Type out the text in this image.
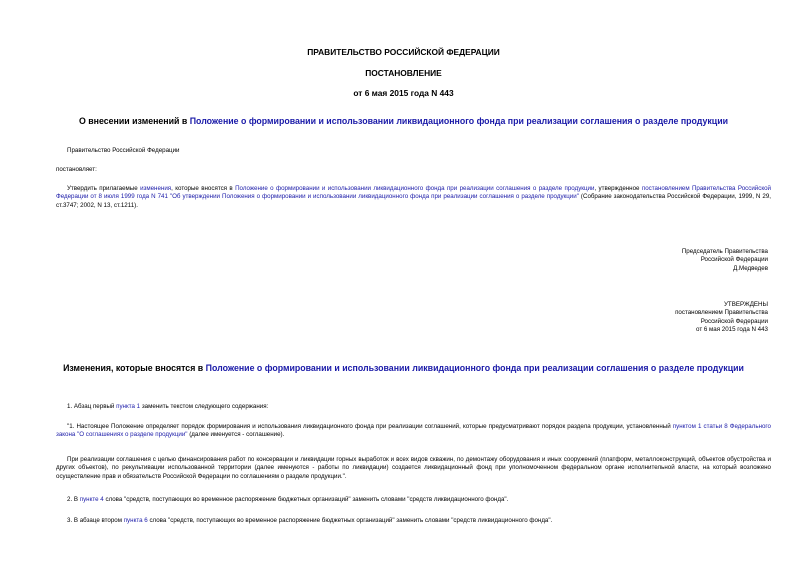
ПРАВИТЕЛЬСТВО РОССИЙСКОЙ ФЕДЕРАЦИИ
ПОСТАНОВЛЕНИЕ
от 6 мая 2015 года N 443
О внесении изменений в Положение о формировании и использовании ликвидационного фонда при реализации соглашения о разделе продукции
Правительство Российской Федерации
постановляет:
Утвердить прилагаемые изменения, которые вносятся в Положение о формировании и использовании ликвидационного фонда при реализации соглашения о разделе продукции, утвержденное постановлением Правительства Российской Федерации от 8 июля 1999 года N 741 "Об утверждении Положения о формировании и использовании ликвидационного фонда при реализации соглашения о разделе продукции" (Собрание законодательства Российской Федерации, 1999, N 29, ст.3747; 2002, N 13, ст.1211).
Председатель Правительства
Российской Федерации
Д.Медведев
УТВЕРЖДЕНЫ
постановлением Правительства
Российской Федерации
от 6 мая 2015 года N 443
Изменения, которые вносятся в Положение о формировании и использовании ликвидационного фонда при реализации соглашения о разделе продукции
1. Абзац первый пункта 1 заменить текстом следующего содержания:
"1. Настоящее Положение определяет порядок формирования и использования ликвидационного фонда при реализации соглашений, которые предусматривают порядок раздела продукции, установленный пунктом 1 статьи 8 Федерального закона "О соглашениях о разделе продукции" (далее именуется - соглашение).
При реализации соглашения с целью финансирования работ по консервации и ликвидации горных выработок и всех видов скважин, по демонтажу оборудования и иных сооружений (платформ, металлоконструкций, объектов обустройства и других объектов), по рекультивации использованной территории (далее именуются - работы по ликвидации) создается ликвидационный фонд при уполномоченном федеральном органе исполнительной власти, на который возложено осуществление прав и обязательств Российской Федерации по соглашениям о разделе продукции.".
2. В пункте 4 слова "средств, поступающих во временное распоряжение бюджетных организаций" заменить словами "средств ликвидационного фонда".
3. В абзаце втором пункта 6 слова "средств, поступающих во временное распоряжение бюджетных организаций" заменить словами "средств ликвидационного фонда".
